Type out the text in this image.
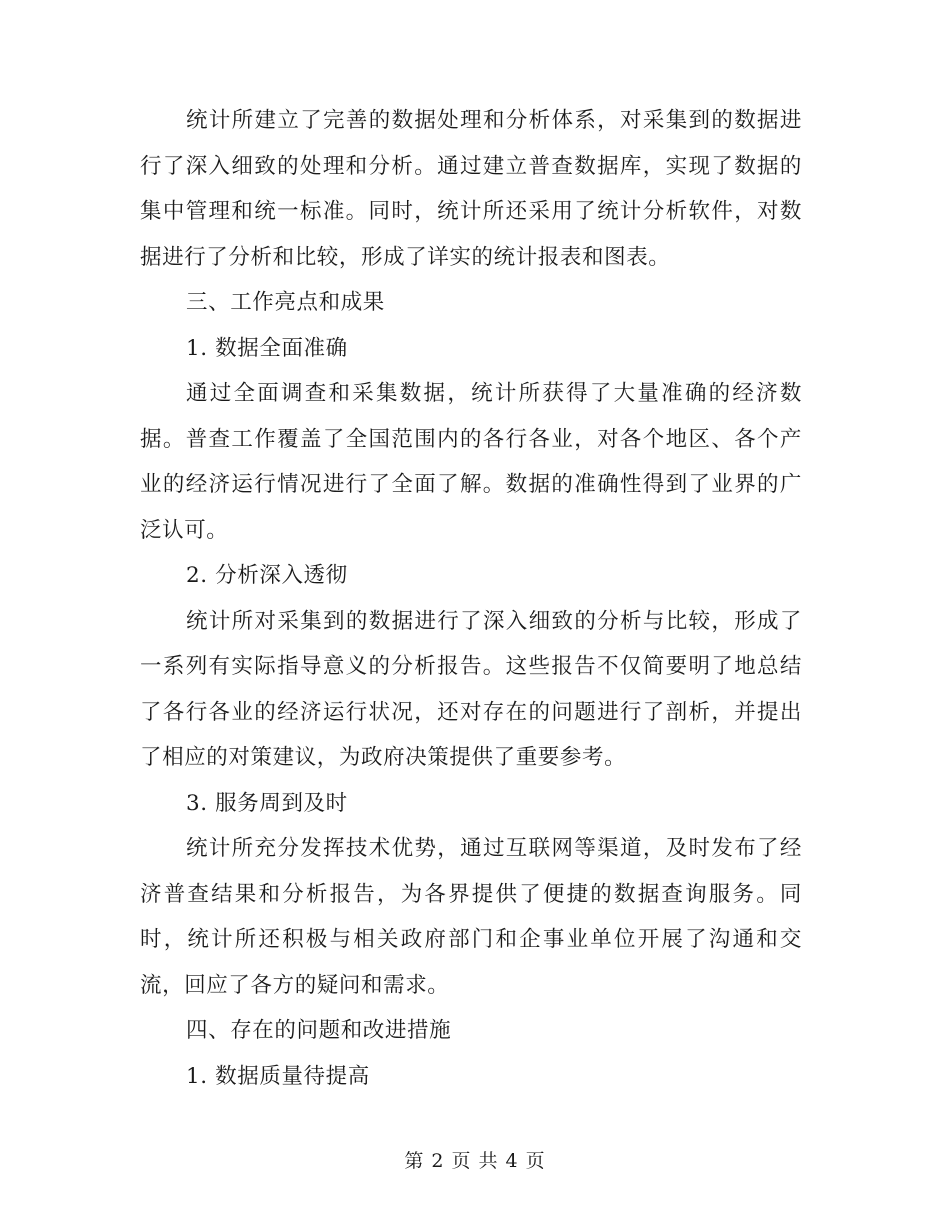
统计所建立了完善的数据处理和分析体系，对采集到的数据进行了深入细致的处理和分析。通过建立普查数据库，实现了数据的集中管理和统一标准。同时，统计所还采用了统计分析软件，对数据进行了分析和比较，形成了详实的统计报表和图表。

三、工作亮点和成果

1. 数据全面准确

通过全面调查和采集数据，统计所获得了大量准确的经济数据。普查工作覆盖了全国范围内的各行各业，对各个地区、各个产业的经济运行情况进行了全面了解。数据的准确性得到了业界的广泛认可。

2. 分析深入透彻

统计所对采集到的数据进行了深入细致的分析与比较，形成了一系列有实际指导意义的分析报告。这些报告不仅简要明了地总结了各行各业的经济运行状况，还对存在的问题进行了剖析，并提出了相应的对策建议，为政府决策提供了重要参考。

3. 服务周到及时

统计所充分发挥技术优势，通过互联网等渠道，及时发布了经济普查结果和分析报告，为各界提供了便捷的数据查询服务。同时，统计所还积极与相关政府部门和企事业单位开展了沟通和交流，回应了各方的疑问和需求。

四、存在的问题和改进措施

1. 数据质量待提高

第 2 页 共 4 页
